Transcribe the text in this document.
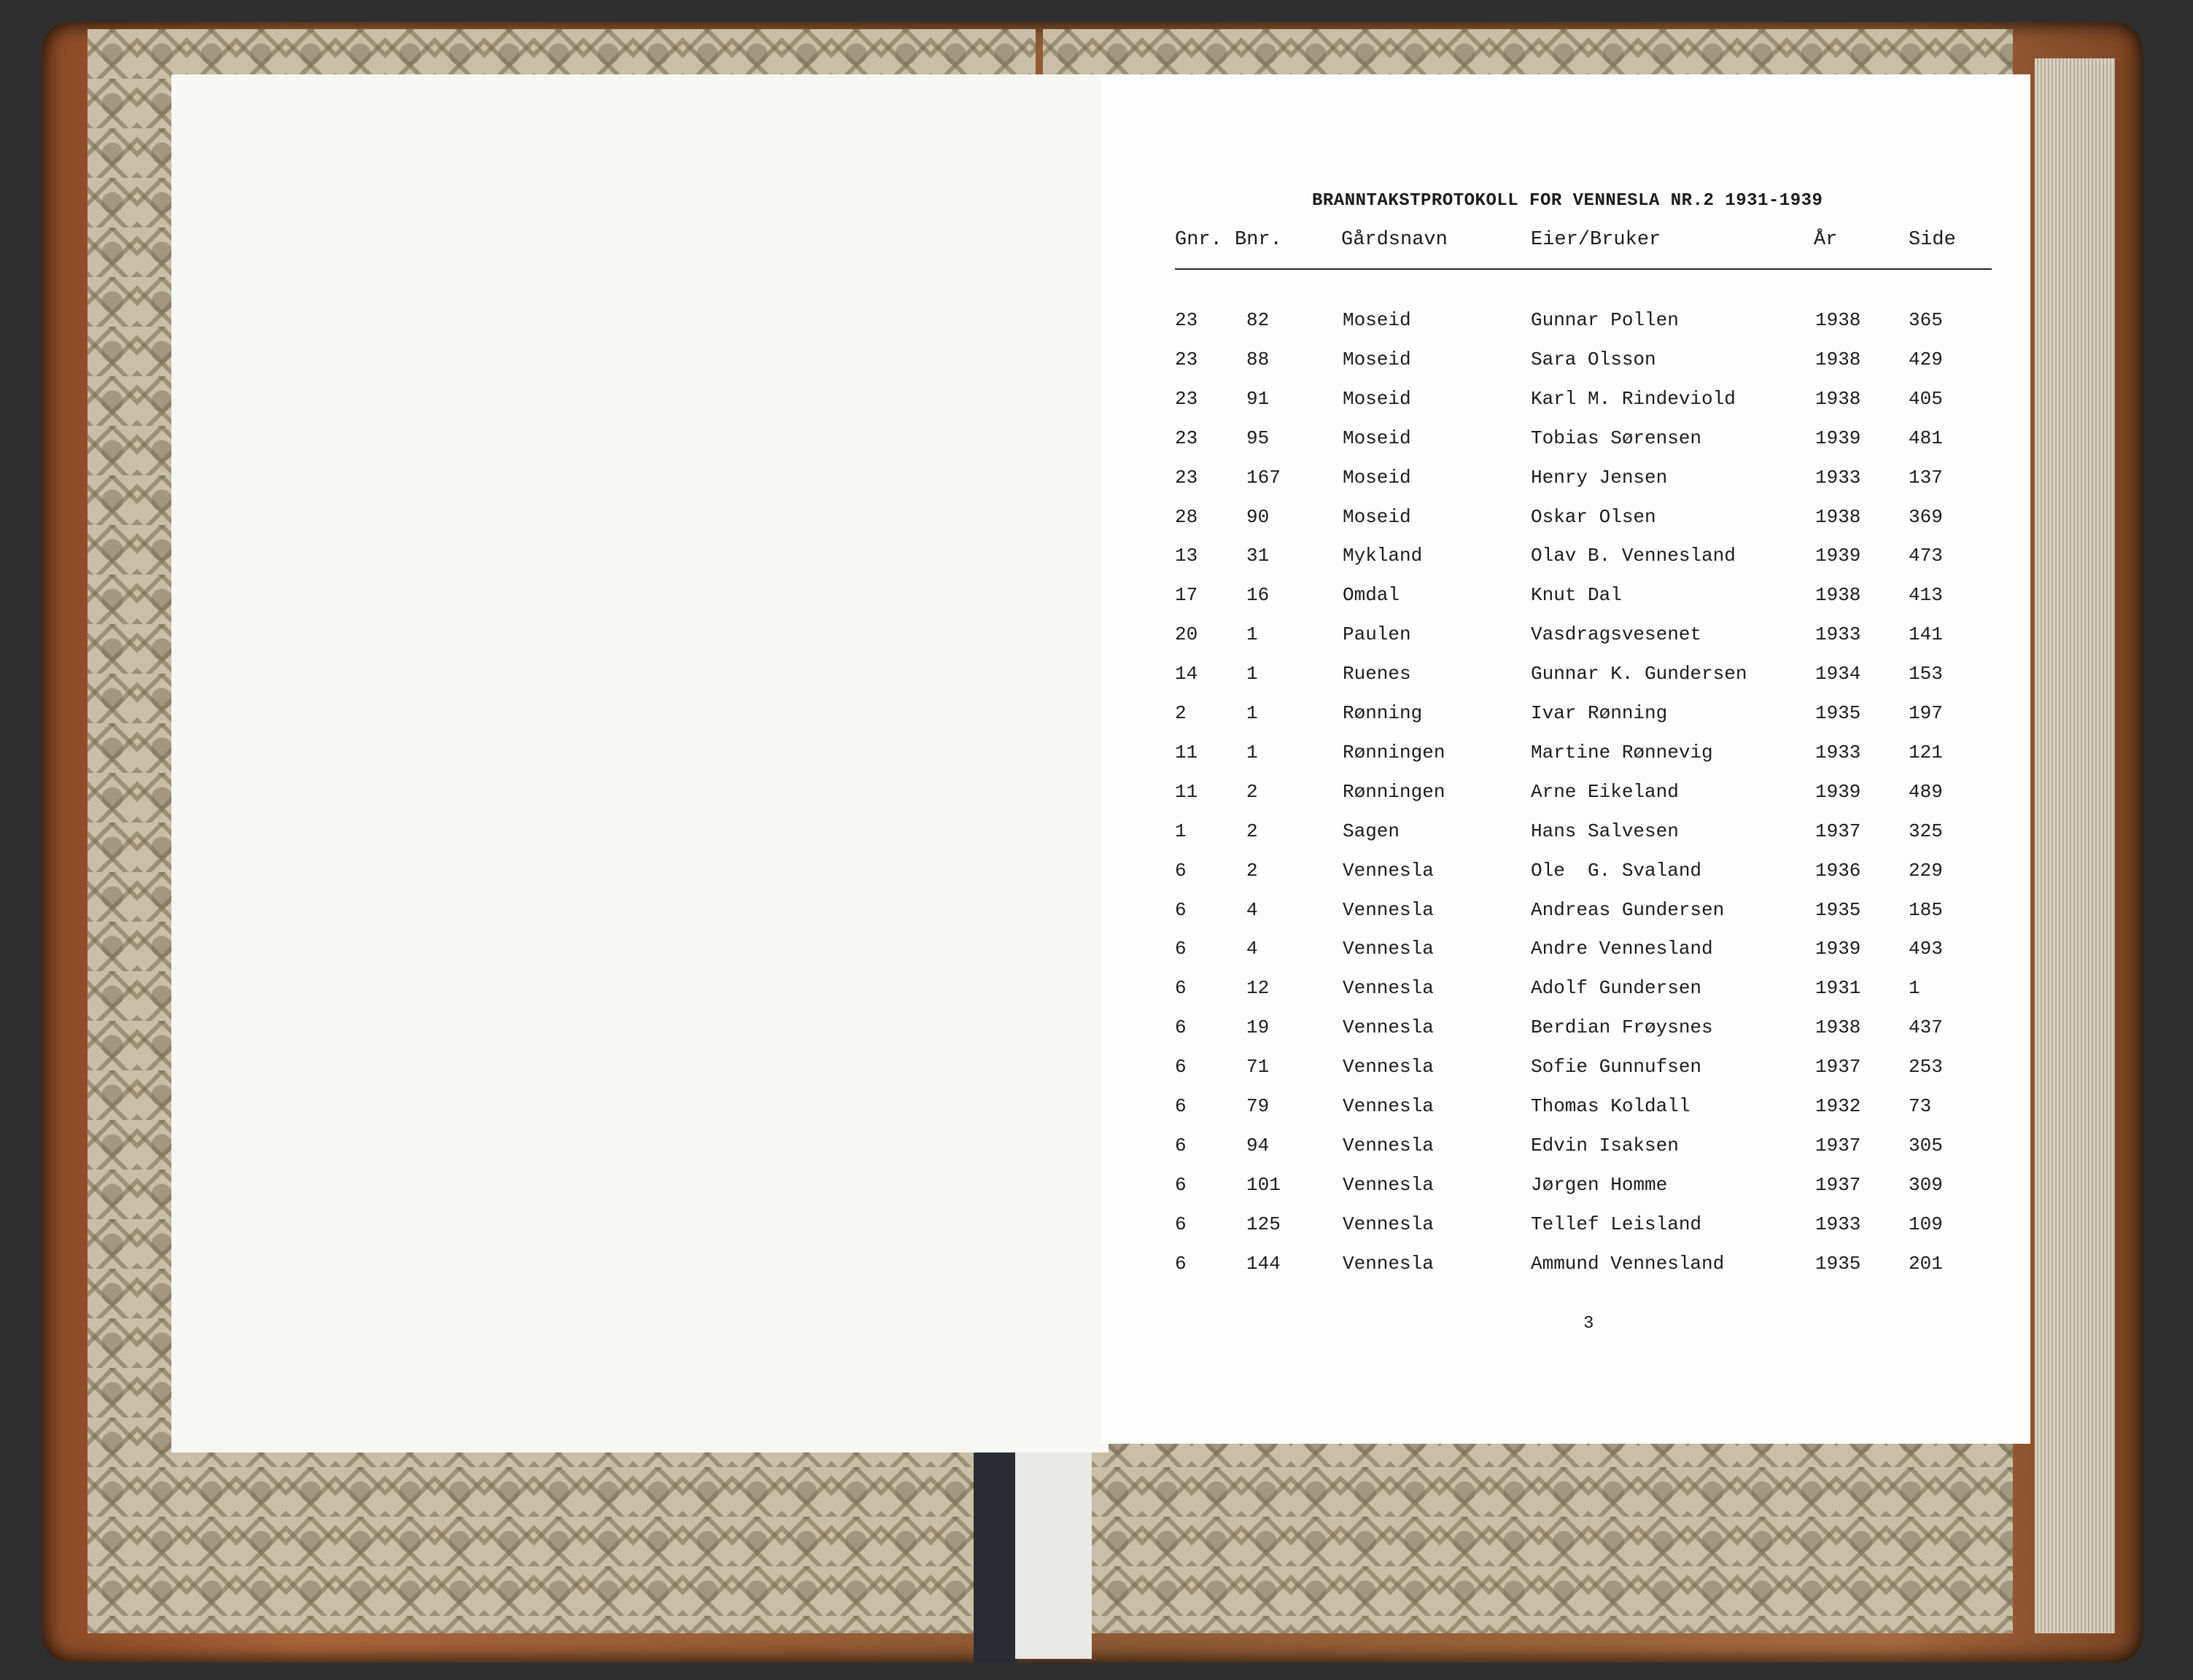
BRANNTAKSTPROTOKOLL FOR VENNESLA NR.2 1931-1939
Gnr. Bnr.	Gårdsnavn	Eier/Bruker	År	Side
23	82	Moseid	Gunnar Pollen	1938	365
23	88	Moseid	Sara Olsson	1938	429
23	91	Moseid	Karl M. Rindeviold	1938	405
23	95	Moseid	Tobias Sørensen	1939	481
23	167	Moseid	Henry Jensen	1933	137
28	90	Moseid	Oskar Olsen	1938	369
13	31	Mykland	Olav B. Vennesland	1939	473
17	16	Omdal	Knut Dal	1938	413
20	1	Paulen	Vasdragsvesenet	1933	141
14	1	Ruenes	Gunnar K. Gundersen	1934	153
2	1	Rønning	Ivar Rønning	1935	197
11	1	Rønningen	Martine Rønnevig	1933	121
11	2	Rønningen	Arne Eikeland	1939	489
1	2	Sagen	Hans Salvesen	1937	325
6	2	Vennesla	Ole  G. Svaland	1936	229
6	4	Vennesla	Andreas Gundersen	1935	185
6	4	Vennesla	Andre Vennesland	1939	493
6	12	Vennesla	Adolf Gundersen	1931	1
6	19	Vennesla	Berdian Frøysnes	1938	437
6	71	Vennesla	Sofie Gunnufsen	1937	253
6	79	Vennesla	Thomas Koldall	1932	73
6	94	Vennesla	Edvin Isaksen	1937	305
6	101	Vennesla	Jørgen Homme	1937	309
6	125	Vennesla	Tellef Leisland	1933	109
6	144	Vennesla	Ammund Vennesland	1935	201
3
